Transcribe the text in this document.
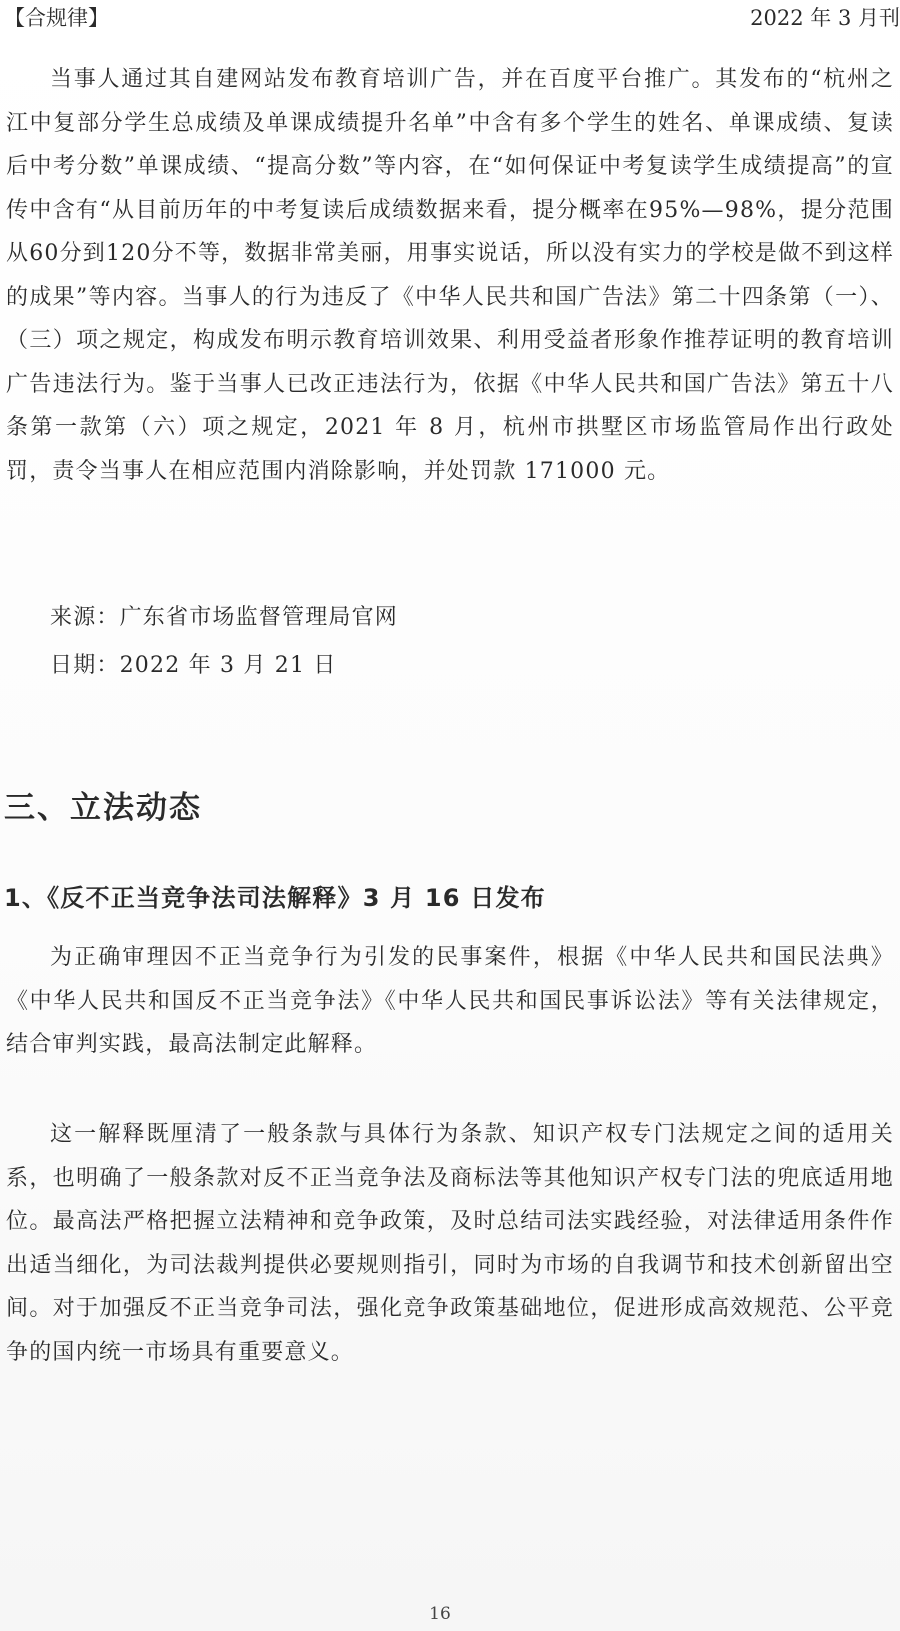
【合规律】	2022 年 3 月刊

当事人通过其自建网站发布教育培训广告，并在百度平台推广。其发布的“杭州之江中复部分学生总成绩及单课成绩提升名单”中含有多个学生的姓名、单课成绩、复读后中考分数”单课成绩、“提高分数”等内容，在“如何保证中考复读学生成绩提高”的宣传中含有“从目前历年的中考复读后成绩数据来看，提分概率在95%—98%，提分范围从60分到120分不等，数据非常美丽，用事实说话，所以没有实力的学校是做不到这样的成果”等内容。当事人的行为违反了《中华人民共和国广告法》第二十四条第（一）、（三）项之规定，构成发布明示教育培训效果、利用受益者形象作推荐证明的教育培训广告违法行为。鉴于当事人已改正违法行为，依据《中华人民共和国广告法》第五十八条第一款第（六）项之规定，2021 年 8 月，杭州市拱墅区市场监管局作出行政处罚，责令当事人在相应范围内消除影响，并处罚款 171000 元。

来源：广东省市场监督管理局官网
日期：2022 年 3 月 21 日
三、立法动态
1、《反不正当竞争法司法解释》3 月 16 日发布

为正确审理因不正当竞争行为引发的民事案件，根据《中华人民共和国民法典》《中华人民共和国反不正当竞争法》《中华人民共和国民事诉讼法》等有关法律规定，结合审判实践，最高法制定此解释。

这一解释既厘清了一般条款与具体行为条款、知识产权专门法规定之间的适用关系，也明确了一般条款对反不正当竞争法及商标法等其他知识产权专门法的兜底适用地位。最高法严格把握立法精神和竞争政策，及时总结司法实践经验，对法律适用条件作出适当细化，为司法裁判提供必要规则指引，同时为市场的自我调节和技术创新留出空间。对于加强反不正当竞争司法，强化竞争政策基础地位，促进形成高效规范、公平竞争的国内统一市场具有重要意义。

16
